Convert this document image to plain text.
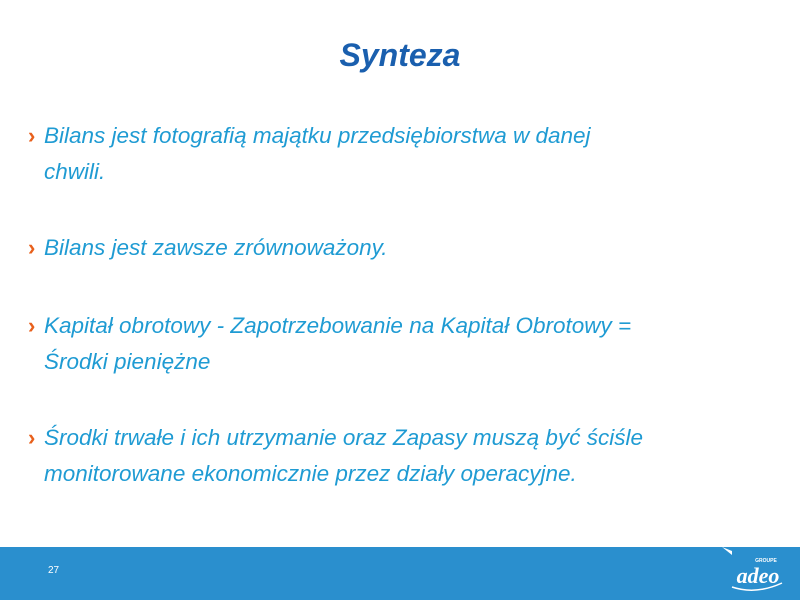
Synteza
› Bilans jest fotografią majątku przedsiębiorstwa w danej
chwili.
› Bilans jest zawsze zrównoważony.
› Kapitał obrotowy - Zapotrzebowanie na Kapitał Obrotowy =
Środki pieniężne
› Środki trwałe i ich utrzymanie oraz Zapasy muszą być ściśle
monitorowane ekonomicznie przez działy operacyjne.
27
GROUPE
adeo
